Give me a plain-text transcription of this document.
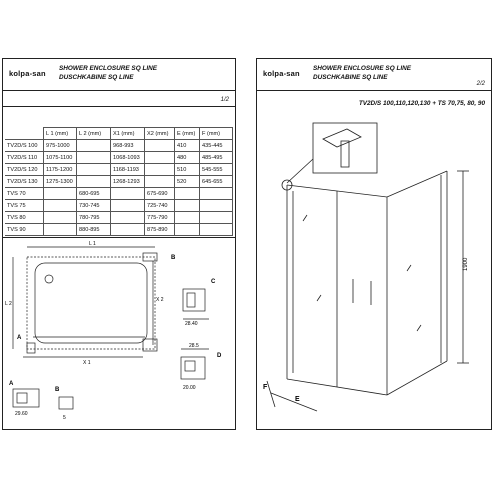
kolpa-san
SHOWER ENCLOSURE SQ LINE
DUSCHKABINE SQ LINE
1/2
	L 1 (mm)	L 2 (mm)	X1 (mm)	X2 (mm)	E (mm)	F (mm)
TV2D/S 100	975-1000		968-993		410	435-445
TV2D/S 110	1075-1100		1068-1093		480	485-495
TV2D/S 120	1175-1200		1168-1193		510	545-555
TV2D/S 130	1275-1300		1268-1293		520	645-655
TVS 70		680-695		675-690		
TVS 75		730-745		725-740		
TVS 80		780-795		775-790		
TVS 90		880-895		875-890		
L 1
L 2
X 1
X 2
A
B
C
D
A
B
29.60
28.40
28.5
20.00
5
kolpa-san
SHOWER ENCLOSURE SQ LINE
DUSCHKABINE SQ LINE
2/2
TV2D/S 100,110,120,130 + TS 70,75, 80, 90
1900
E
F
